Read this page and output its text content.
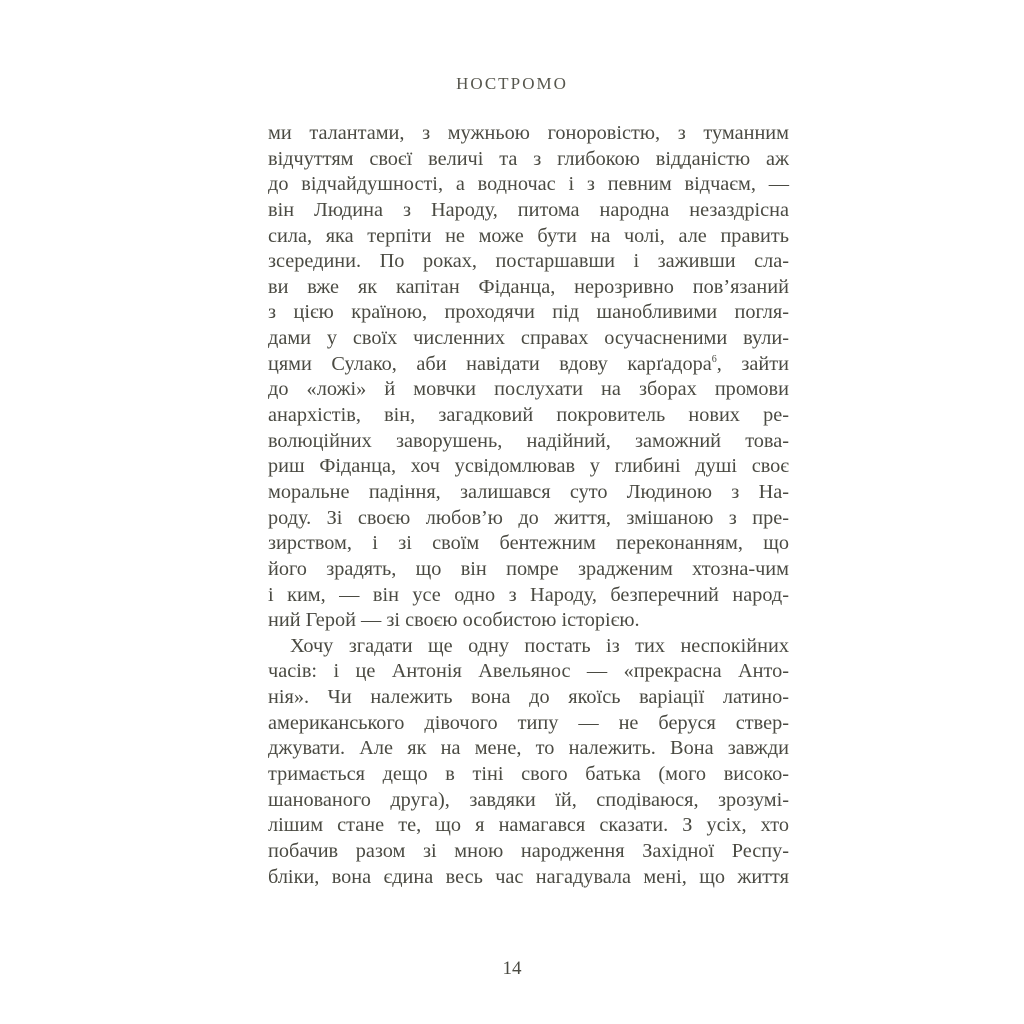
НОСТРОМО
ми талантами, з мужньою гоноровістю, з туманним
відчуттям своєї величі та з глибокою відданістю аж
до відчайдушності, а водночас і з певним відчаєм, —
він Людина з Народу, питома народна незаздрісна
сила, яка терпіти не може бути на чолі, але править
зсередини. По роках, постаршавши і заживши сла-
ви вже як капітан Фіданца, нерозривно пов’язаний
з цією країною, проходячи під шанобливими погля-
дами у своїх численних справах осучасненими вули-
цями Сулако, аби навідати вдову карґадора$^6$, зайти
до «ложі» й мовчки послухати на зборах промови
анархістів, він, загадковий покровитель нових ре-
волюційних заворушень, надійний, заможний това-
риш Фіданца, хоч усвідомлював у глибині душі своє
моральне падіння, залишався суто Людиною з На-
роду. Зі своєю любов’ю до життя, змішаною з пре-
зирством, і зі своїм бентежним переконанням, що
його зрадять, що він помре зрадженим хтозна-чим
і ким, — він усе одно з Народу, безперечний народ-
ний Герой — зі своєю особистою історією.
Хочу згадати ще одну постать із тих неспокійних
часів: і це Антонія Авельянос — «прекрасна Анто-
нія». Чи належить вона до якоїсь варіації латино-
американського дівочого типу — не беруся ствер-
джувати. Але як на мене, то належить. Вона завжди
тримається дещо в тіні свого батька (мого високо-
шанованого друга), завдяки їй, сподіваюся, зрозумі-
лішим стане те, що я намагався сказати. З усіх, хто
побачив разом зі мною народження Західної Респу-
бліки, вона єдина весь час нагадувала мені, що життя
14
